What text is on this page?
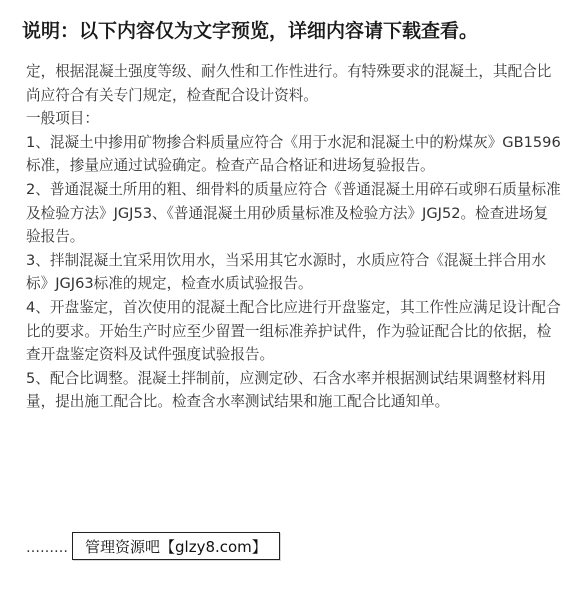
说明：以下内容仅为文字预览，详细内容请下载查看。

定，根据混凝土强度等级、耐久性和工作性进行。有特殊要求的混凝土，其配合比尚应符合有关专门规定，检查配合设计资料。

一般项目：

1、混凝土中掺用矿物掺合料质量应符合《用于水泥和混凝土中的粉煤灰》GB1596标准，掺量应通过试验确定。检查产品合格证和进场复验报告。

2、普通混凝土所用的粗、细骨料的质量应符合《普通混凝土用碎石或卵石质量标准及检验方法》JGJ53、《普通混凝土用砂质量标准及检验方法》JGJ52。检查进场复验报告。

3、拌制混凝土宜采用饮用水，当采用其它水源时，水质应符合《混凝土拌合用水标》JGJ63标准的规定，检查水质试验报告。

4、开盘鉴定，首次使用的混凝土配合比应进行开盘鉴定，其工作性应满足设计配合比的要求。开始生产时应至少留置一组标准养护试件，作为验证配合比的依据，检查开盘鉴定资料及试件强度试验报告。

5、配合比调整。混凝土拌制前，应测定砂、石含水率并根据测试结果调整材料用量，提出施工配合比。检查含水率测试结果和施工配合比通知单。

……… 管理资源吧【glzy8.com】
